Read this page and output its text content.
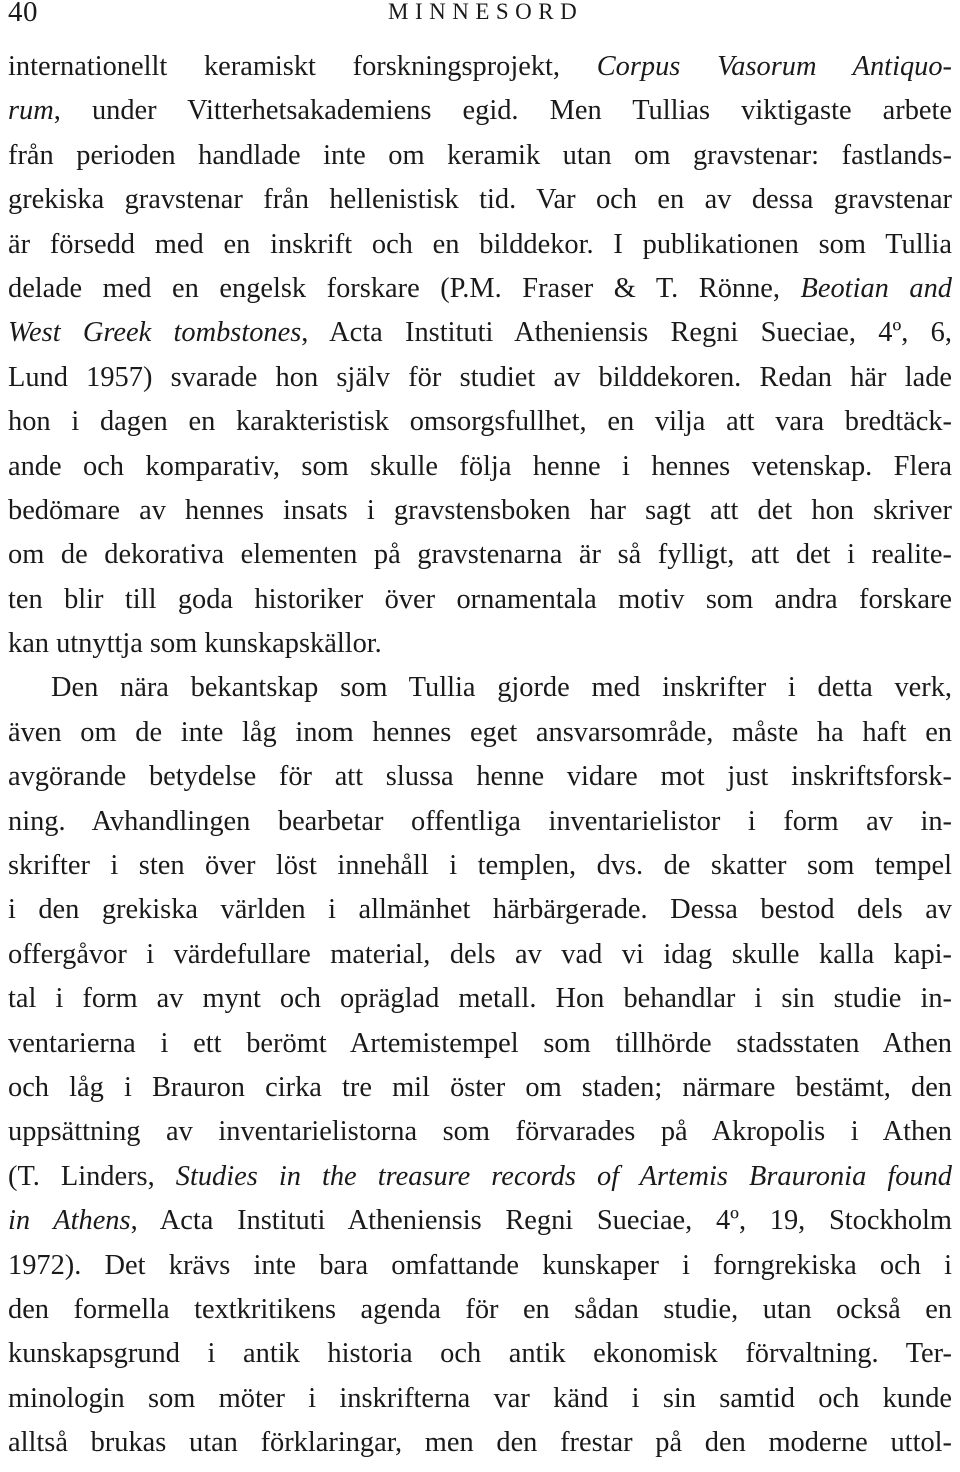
40	MINNESORD
internationellt keramiskt forskningsprojekt, Corpus Vasorum Antiquo-
rum, under Vitterhetsakademiens egid. Men Tullias viktigaste arbete
från perioden handlade inte om keramik utan om gravstenar: fastlands-
grekiska gravstenar från hellenistisk tid. Var och en av dessa gravstenar
är försedd med en inskrift och en bilddekor. I publikationen som Tullia
delade med en engelsk forskare (P.M. Fraser & T. Rönne, Beotian and
West Greek tombstones, Acta Instituti Atheniensis Regni Sueciae, 4º, 6,
Lund 1957) svarade hon själv för studiet av bilddekoren. Redan här lade
hon i dagen en karakteristisk omsorgsfullhet, en vilja att vara bredtäck-
ande och komparativ, som skulle följa henne i hennes vetenskap. Flera
bedömare av hennes insats i gravstensboken har sagt att det hon skriver
om de dekorativa elementen på gravstenarna är så fylligt, att det i realite-
ten blir till goda historiker över ornamentala motiv som andra forskare
kan utnyttja som kunskapskällor.
Den nära bekantskap som Tullia gjorde med inskrifter i detta verk,
även om de inte låg inom hennes eget ansvarsområde, måste ha haft en
avgörande betydelse för att slussa henne vidare mot just inskriftsforsk-
ning. Avhandlingen bearbetar offentliga inventarielistor i form av in-
skrifter i sten över löst innehåll i templen, dvs. de skatter som tempel
i den grekiska världen i allmänhet härbärgerade. Dessa bestod dels av
offergåvor i värdefullare material, dels av vad vi idag skulle kalla kapi-
tal i form av mynt och opräglad metall. Hon behandlar i sin studie in-
ventarierna i ett berömt Artemistempel som tillhörde stadsstaten Athen
och låg i Brauron cirka tre mil öster om staden; närmare bestämt, den
uppsättning av inventarielistorna som förvarades på Akropolis i Athen
(T. Linders, Studies in the treasure records of Artemis Brauronia found
in Athens, Acta Instituti Atheniensis Regni Sueciae, 4º, 19, Stockholm
1972). Det krävs inte bara omfattande kunskaper i forngrekiska och i
den formella textkritikens agenda för en sådan studie, utan också en
kunskapsgrund i antik historia och antik ekonomisk förvaltning. Ter-
minologin som möter i inskrifterna var känd i sin samtid och kunde
alltså brukas utan förklaringar, men den frestar på den moderne uttol-
